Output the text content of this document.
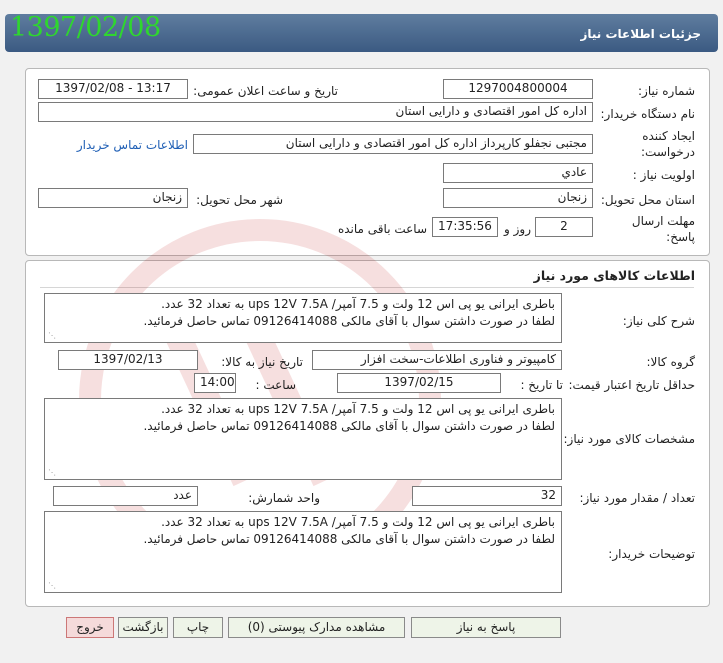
1397/02/08	جزئیات اطلاعات نیاز
شماره نیاز:
1297004800004
تاریخ و ساعت اعلان عمومی:
1397/02/08 - 13:17
نام دستگاه خریدار:
اداره کل امور اقتصادی و دارایی استان
ایجاد کننده
درخواست:
مجتبی نجفلو کارپرداز اداره کل امور اقتصادی و دارایی استان
اطلاعات تماس خریدار
اولویت نیاز :
عادي
استان محل تحویل:
زنجان
شهر محل تحویل:
زنجان
مهلت ارسال
پاسخ:
2
روز و
17:35:56
ساعت باقی مانده
اطلاعات کالاهای مورد نیاز
شرح کلی نیاز:
باطری ایرانی یو پی اس 12 ولت و 7.5 آمپر/ ups 12V 7.5A به تعداد 32 عدد.
لطفا در صورت داشتن سوال با آقای مالکی 09126414088 تماس حاصل فرمائید.
⋰
گروه کالا:
کامپیوتر و فناوری اطلاعات-سخت افزار
تاریخ نیاز به کالا:
1397/02/13
حداقل تاریخ اعتبار قیمت:
تا تاریخ :
1397/02/15
ساعت :
14:00
مشخصات کالای مورد نیاز:
باطری ایرانی یو پی اس 12 ولت و 7.5 آمپر/ ups 12V 7.5A به تعداد 32 عدد.
لطفا در صورت داشتن سوال با آقای مالکی 09126414088 تماس حاصل فرمائید.
⋰
تعداد / مقدار مورد نیاز:
32
واحد شمارش:
عدد
توضیحات خریدار:
باطری ایرانی یو پی اس 12 ولت و 7.5 آمپر/ ups 12V 7.5A به تعداد 32 عدد.
لطفا در صورت داشتن سوال با آقای مالکی 09126414088 تماس حاصل فرمائید.
⋰
پاسخ به نیاز
مشاهده مدارک پیوستی (0)
چاپ
بازگشت
خروج
